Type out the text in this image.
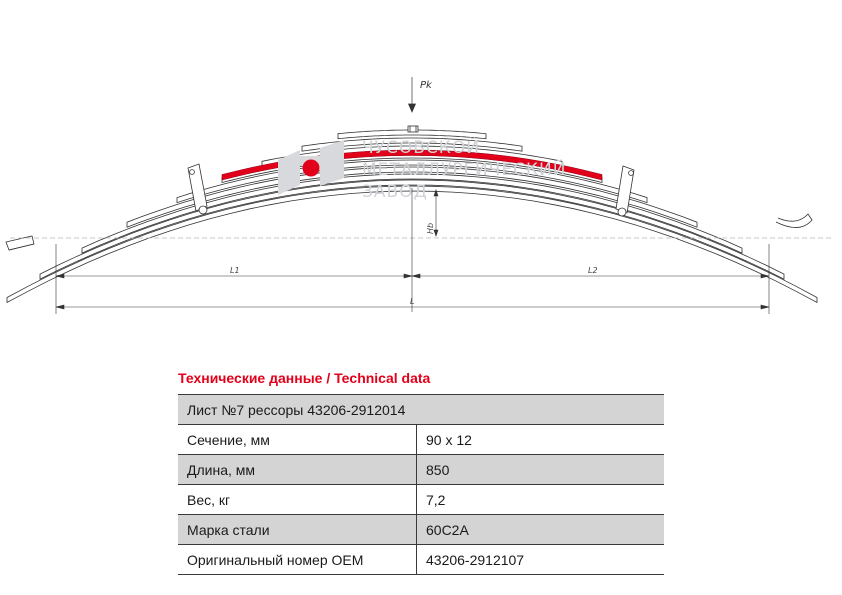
ЧУСОВСКОЙ
МЕТАЛЛУРГИЧЕСКИЙ
ЗАВОД
Pk
Hb
L1	L2
L
Технические данные / Technical data
Лист №7 рессоры 43206-2912014	
Сечение, мм	90 x 12
Длина, мм	850
Вес, кг	7,2
Марка стали	60С2А
Оригинальный номер OEM	43206-2912107
